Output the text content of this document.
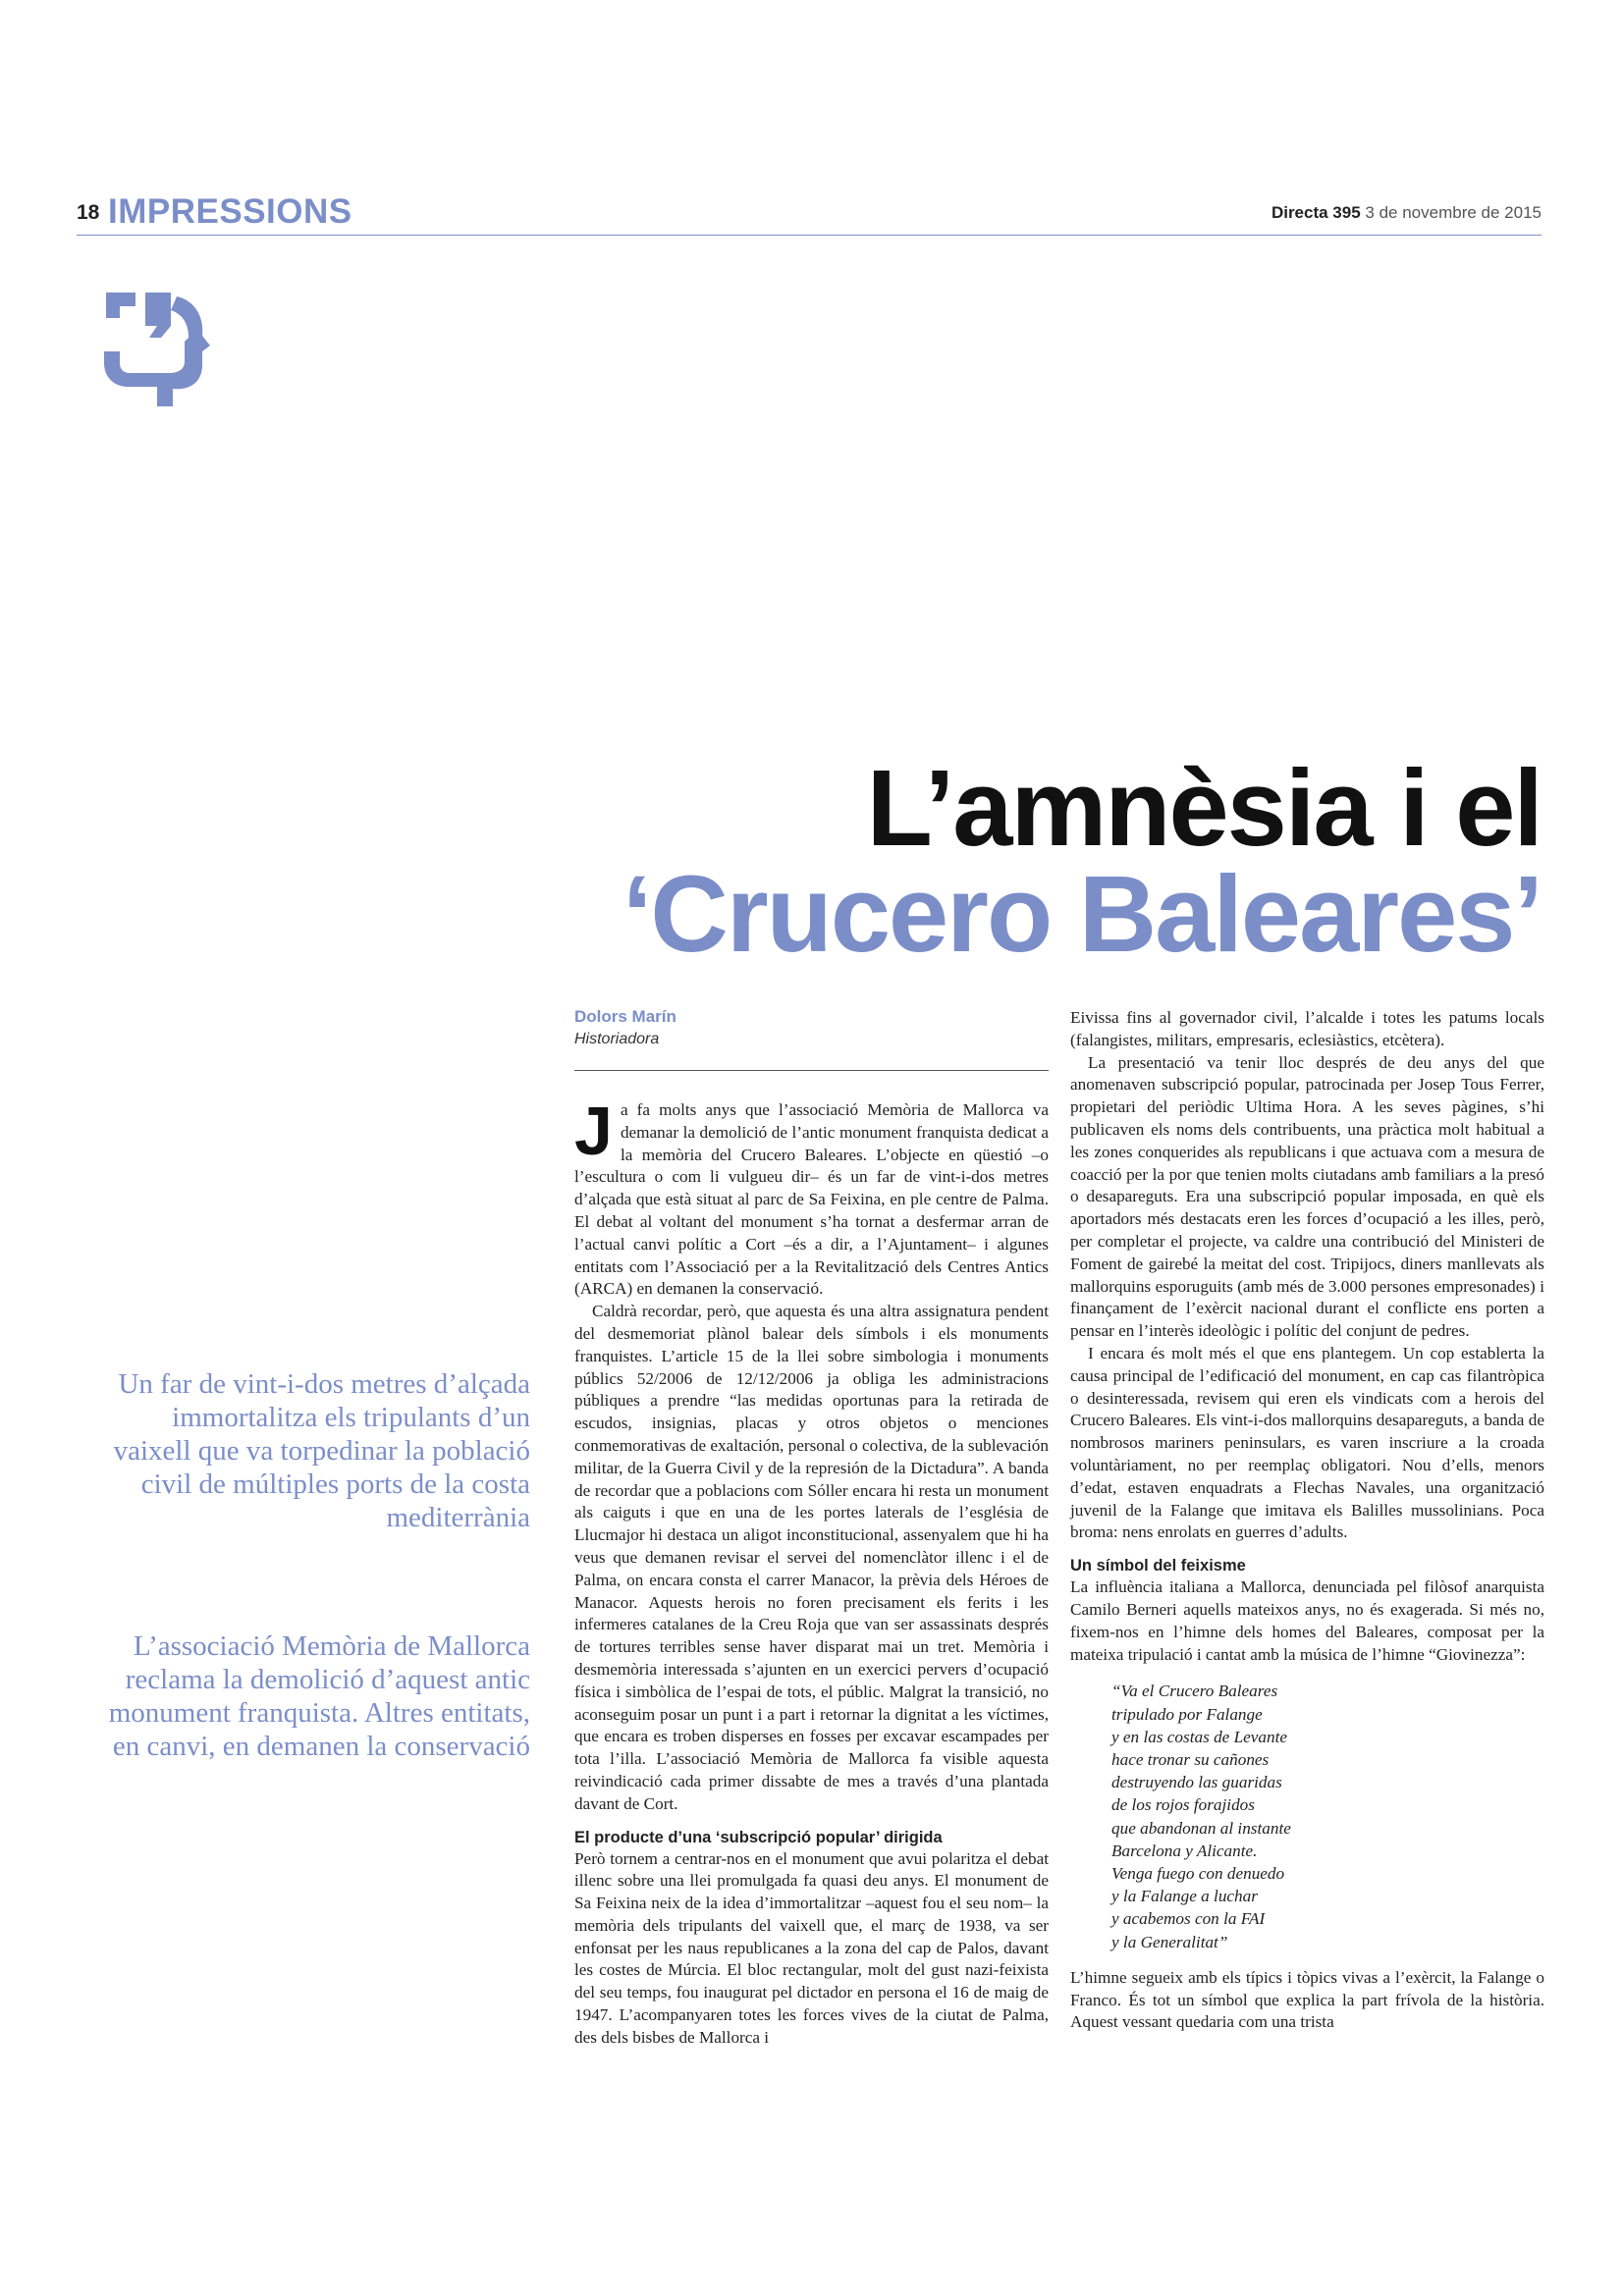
18 IMPRESSIONS	Directa 395 3 de novembre de 2015
L’amnèsia i el
‘Crucero Baleares’
Un far de vint-i-dos metres d’alçada immortalitza els tripulants d’un vaixell que va torpedinar la població civil de múltiples ports de la costa mediterrània
L’associació Memòria de Mallorca reclama la demolició d’aquest antic monument franquista. Altres entitats, en canvi, en demanen la conservació
Dolors Marín
Historiadora

Ja fa molts anys que l’associació Memòria de Mallorca va demanar la demolició de l’antic monument franquista dedicat a la memòria del Crucero Baleares. L’objecte en qüestió –o l’escultura o com li vulgueu dir– és un far de vint-i-dos metres d’alçada que està situat al parc de Sa Feixina, en ple centre de Palma. El debat al voltant del monument s’ha tornat a desfermar arran de l’actual canvi polític a Cort –és a dir, a l’Ajuntament– i algunes entitats com l’Associació per a la Revitalització dels Centres Antics (ARCA) en demanen la conservació.

Caldrà recordar, però, que aquesta és una altra assignatura pendent del desmemoriat plànol balear dels símbols i els monuments franquistes. L’article 15 de la llei sobre simbologia i monuments públics 52/2006 de 12/12/2006 ja obliga les administracions públiques a prendre “las medidas oportunas para la retirada de escudos, insignias, placas y otros objetos o menciones conmemorativas de exaltación, personal o colectiva, de la sublevación militar, de la Guerra Civil y de la represión de la Dictadura”. A banda de recordar que a poblacions com Sóller encara hi resta un monument als caiguts i que en una de les portes laterals de l’església de Llucmajor hi destaca un aligot inconstitucional, assenyalem que hi ha veus que demanen revisar el servei del nomenclàtor illenc i el de Palma, on encara consta el carrer Manacor, la prèvia dels Héroes de Manacor. Aquests herois no foren precisament els ferits i les infermeres catalanes de la Creu Roja que van ser assassinats després de tortures terribles sense haver disparat mai un tret. Memòria i desmemòria interessada s’ajunten en un exercici pervers d’ocupació física i simbòlica de l’espai de tots, el públic. Malgrat la transició, no aconseguim posar un punt i a part i retornar la dignitat a les víctimes, que encara es troben disperses en fosses per excavar escampades per tota l’illa. L’associació Memòria de Mallorca fa visible aquesta reivindicació cada primer dissabte de mes a través d’una plantada davant de Cort.

El producte d’una ‘subscripció popular’ dirigida

Però tornem a centrar-nos en el monument que avui polaritza el debat illenc sobre una llei promulgada fa quasi deu anys. El monument de Sa Feixina neix de la idea d’immortalitzar –aquest fou el seu nom– la memòria dels tripulants del vaixell que, el març de 1938, va ser enfonsat per les naus republicanes a la zona del cap de Palos, davant les costes de Múrcia. El bloc rectangular, molt del gust nazi-feixista del seu temps, fou inaugurat pel dictador en persona el 16 de maig de 1947. L’acompanyaren totes les forces vives de la ciutat de Palma, des dels bisbes de Mallorca i

Eivissa fins al governador civil, l’alcalde i totes les patums locals (falangistes, militars, empresaris, eclesiàstics, etcètera).

La presentació va tenir lloc després de deu anys del que anomenaven subscripció popular, patrocinada per Josep Tous Ferrer, propietari del periòdic Ultima Hora. A les seves pàgines, s’hi publicaven els noms dels contribuents, una pràctica molt habitual a les zones conquerides als republicans i que actuava com a mesura de coacció per la por que tenien molts ciutadans amb familiars a la presó o desapareguts. Era una subscripció popular imposada, en què els aportadors més destacats eren les forces d’ocupació a les illes, però, per completar el projecte, va caldre una contribució del Ministeri de Foment de gairebé la meitat del cost. Tripijocs, diners manllevats als mallorquins esporuguits (amb més de 3.000 persones empresonades) i finançament de l’exèrcit nacional durant el conflicte ens porten a pensar en l’interès ideològic i polític del conjunt de pedres.

I encara és molt més el que ens plantegem. Un cop establerta la causa principal de l’edificació del monument, en cap cas filantròpica o desinteressada, revisem qui eren els vindicats com a herois del Crucero Baleares. Els vint-i-dos mallorquins desapareguts, a banda de nombrosos mariners peninsulars, es varen inscriure a la croada voluntàriament, no per reemplaç obligatori. Nou d’ells, menors d’edat, estaven enquadrats a Flechas Navales, una organització juvenil de la Falange que imitava els Balilles mussolinians. Poca broma: nens enrolats en guerres d’adults.

Un símbol del feixisme

La influència italiana a Mallorca, denunciada pel filòsof anarquista Camilo Berneri aquells mateixos anys, no és exagerada. Si més no, fixem-nos en l’himne dels homes del Baleares, composat per la mateixa tripulació i cantat amb la música de l’himne “Giovinezza”:

“Va el Crucero Baleares
tripulado por Falange
y en las costas de Levante
hace tronar su cañones
destruyendo las guaridas
de los rojos forajidos
que abandonan al instante
Barcelona y Alicante.
Venga fuego con denuedo
y la Falange a luchar
y acabemos con la FAI
y la Generalitat”

L’himne segueix amb els típics i tòpics vivas a l’exèrcit, la Falange o Franco. És tot un símbol que explica la part frívola de la història. Aquest vessant quedaria com una trista
